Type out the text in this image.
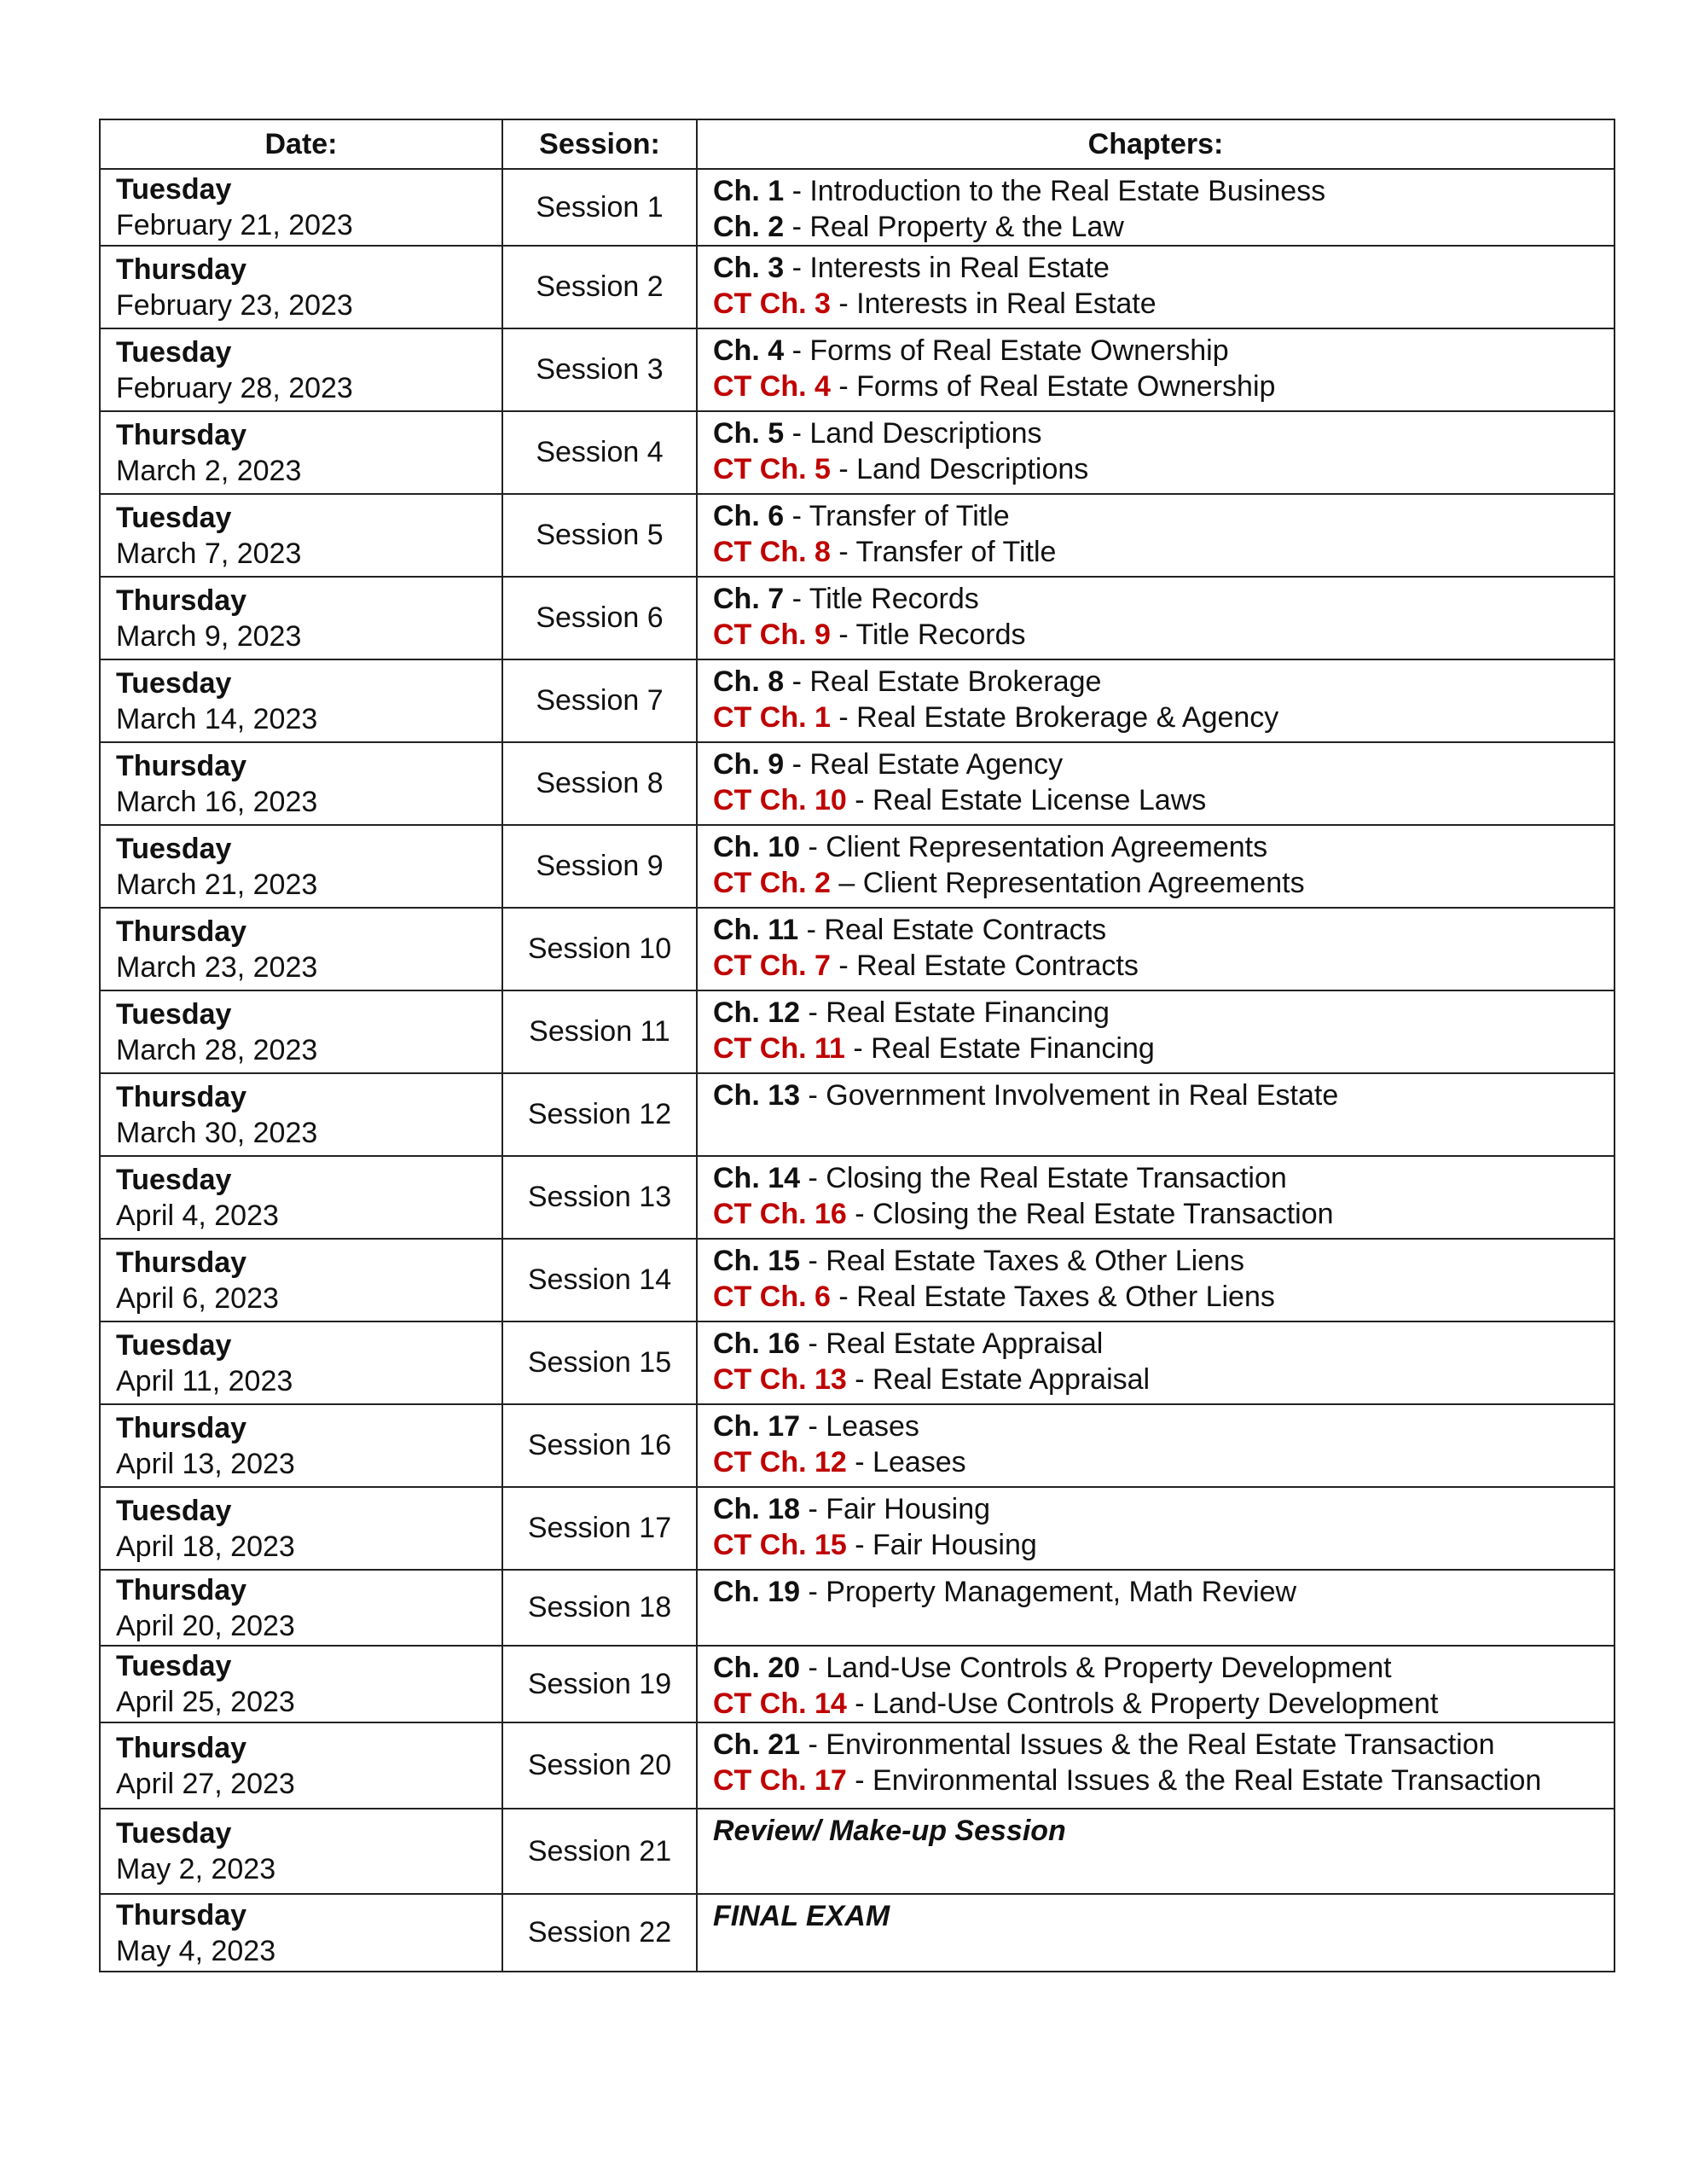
Date:	Session:	Chapters:

Tuesday
February 21, 2023	Session 1	Ch. 1 - Introduction to the Real Estate Business
Ch. 2 - Real Property & the Law

Thursday
February 23, 2023	Session 2	Ch. 3 - Interests in Real Estate
CT Ch. 3 - Interests in Real Estate

Tuesday
February 28, 2023	Session 3	Ch. 4 - Forms of Real Estate Ownership
CT Ch. 4 - Forms of Real Estate Ownership

Thursday
March 2, 2023	Session 4	Ch. 5 - Land Descriptions
CT Ch. 5 - Land Descriptions

Tuesday
March 7, 2023	Session 5	Ch. 6 - Transfer of Title
CT Ch. 8 - Transfer of Title

Thursday
March 9, 2023	Session 6	Ch. 7 - Title Records
CT Ch. 9 - Title Records

Tuesday
March 14, 2023	Session 7	Ch. 8 - Real Estate Brokerage
CT Ch. 1 - Real Estate Brokerage & Agency

Thursday
March 16, 2023	Session 8	Ch. 9 - Real Estate Agency
CT Ch. 10 - Real Estate License Laws

Tuesday
March 21, 2023	Session 9	Ch. 10 - Client Representation Agreements
CT Ch. 2 – Client Representation Agreements

Thursday
March 23, 2023	Session 10	Ch. 11 - Real Estate Contracts
CT Ch. 7 - Real Estate Contracts

Tuesday
March 28, 2023	Session 11	Ch. 12 - Real Estate Financing
CT Ch. 11 - Real Estate Financing

Thursday
March 30, 2023	Session 12	Ch. 13 - Government Involvement in Real Estate

Tuesday
April 4, 2023	Session 13	Ch. 14 - Closing the Real Estate Transaction
CT Ch. 16 - Closing the Real Estate Transaction

Thursday
April 6, 2023	Session 14	Ch. 15 - Real Estate Taxes & Other Liens
CT Ch. 6 - Real Estate Taxes & Other Liens

Tuesday
April 11, 2023	Session 15	Ch. 16 - Real Estate Appraisal
CT Ch. 13 - Real Estate Appraisal

Thursday
April 13, 2023	Session 16	Ch. 17 - Leases
CT Ch. 12 - Leases

Tuesday
April 18, 2023	Session 17	Ch. 18 - Fair Housing
CT Ch. 15 - Fair Housing

Thursday
April 20, 2023	Session 18	Ch. 19 - Property Management, Math Review

Tuesday
April 25, 2023	Session 19	Ch. 20 - Land-Use Controls & Property Development
CT Ch. 14 - Land-Use Controls & Property Development

Thursday
April 27, 2023	Session 20	Ch. 21 - Environmental Issues & the Real Estate Transaction
CT Ch. 17 - Environmental Issues & the Real Estate Transaction

Tuesday
May 2, 2023	Session 21	Review/ Make-up Session

Thursday
May 4, 2023	Session 22	FINAL EXAM
